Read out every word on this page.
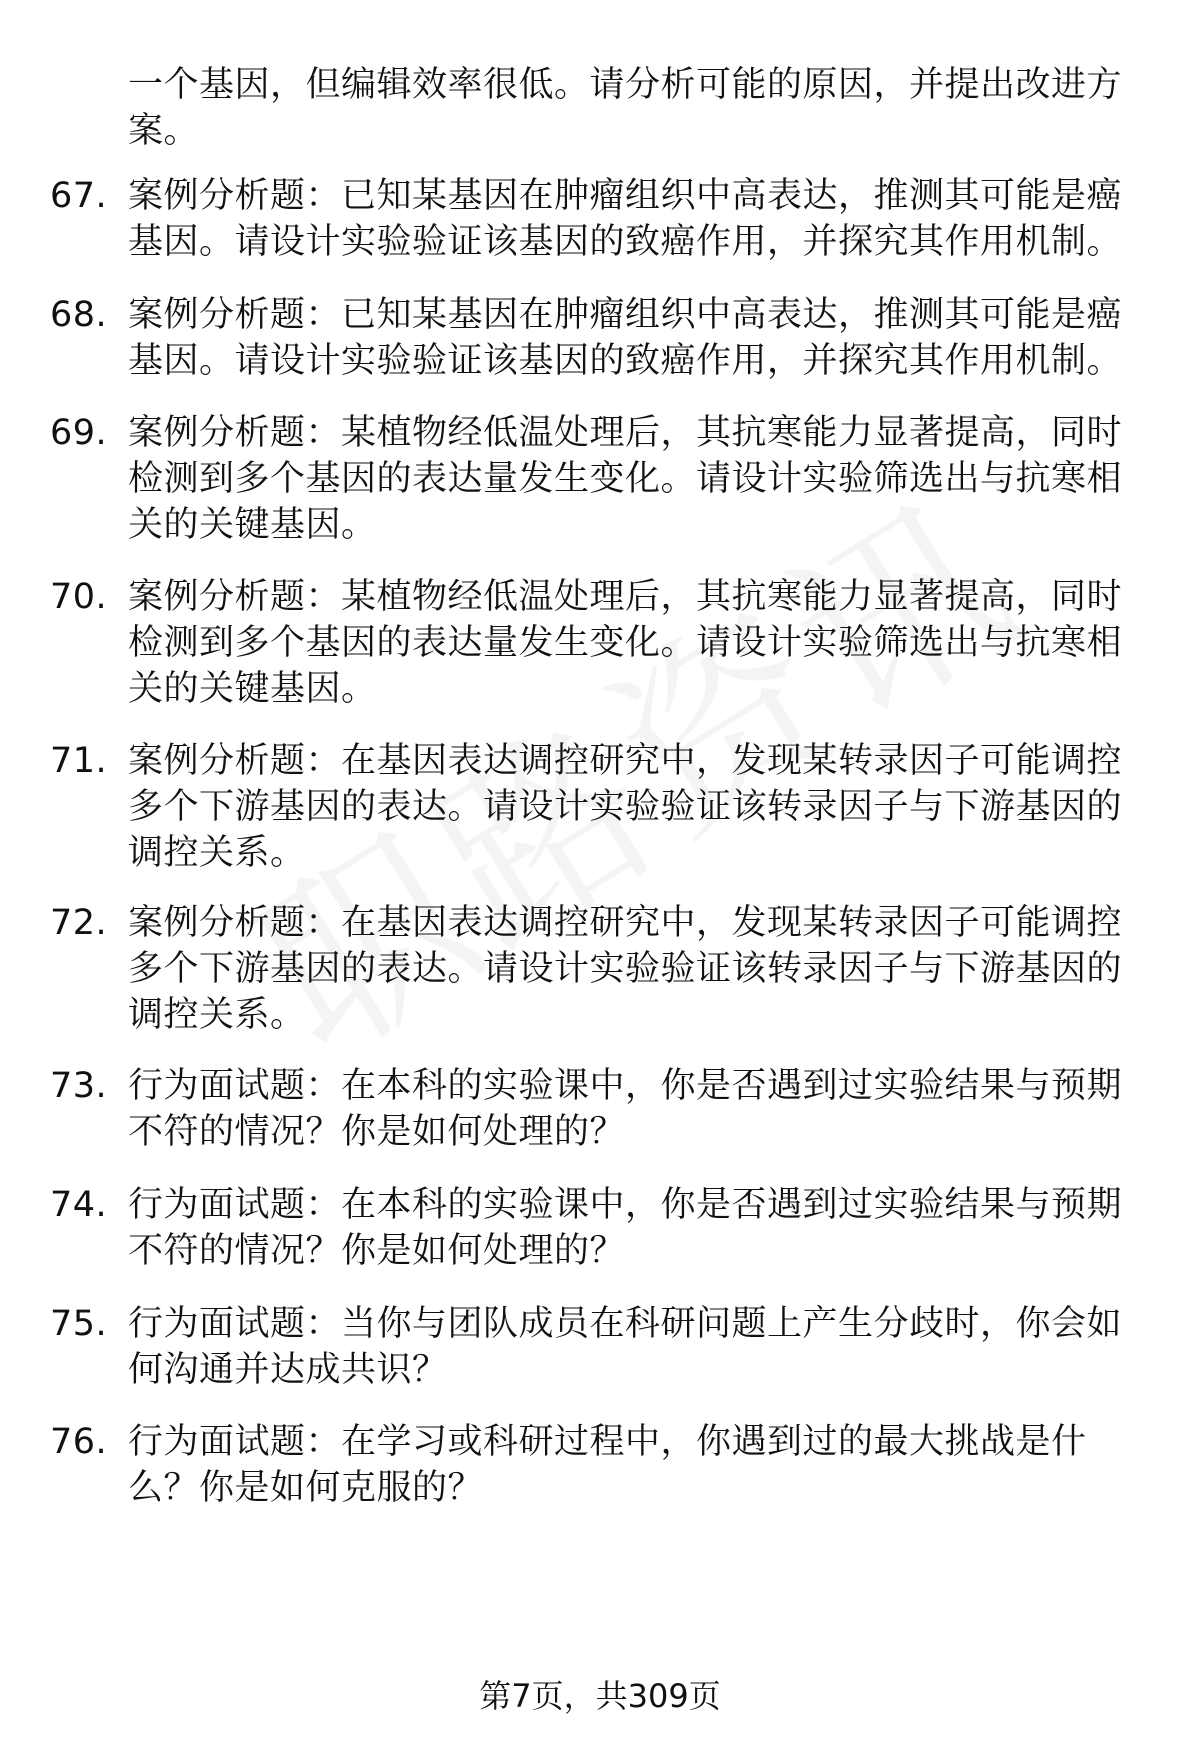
一个基因，但编辑效率很低。请分析可能的原因，并提出改进方案。
67. 案例分析题：已知某基因在肿瘤组织中高表达，推测其可能是癌基因。请设计实验验证该基因的致癌作用，并探究其作用机制。
68. 案例分析题：已知某基因在肿瘤组织中高表达，推测其可能是癌基因。请设计实验验证该基因的致癌作用，并探究其作用机制。
69. 案例分析题：某植物经低温处理后，其抗寒能力显著提高，同时检测到多个基因的表达量发生变化。请设计实验筛选出与抗寒相关的关键基因。
70. 案例分析题：某植物经低温处理后，其抗寒能力显著提高，同时检测到多个基因的表达量发生变化。请设计实验筛选出与抗寒相关的关键基因。
71. 案例分析题：在基因表达调控研究中，发现某转录因子可能调控多个下游基因的表达。请设计实验验证该转录因子与下游基因的调控关系。
72. 案例分析题：在基因表达调控研究中，发现某转录因子可能调控多个下游基因的表达。请设计实验验证该转录因子与下游基因的调控关系。
73. 行为面试题：在本科的实验课中，你是否遇到过实验结果与预期不符的情况？你是如何处理的？
74. 行为面试题：在本科的实验课中，你是否遇到过实验结果与预期不符的情况？你是如何处理的？
75. 行为面试题：当你与团队成员在科研问题上产生分歧时，你会如何沟通并达成共识？
76. 行为面试题：在学习或科研过程中，你遇到过的最大挑战是什么？你是如何克服的？
第7页，共309页
